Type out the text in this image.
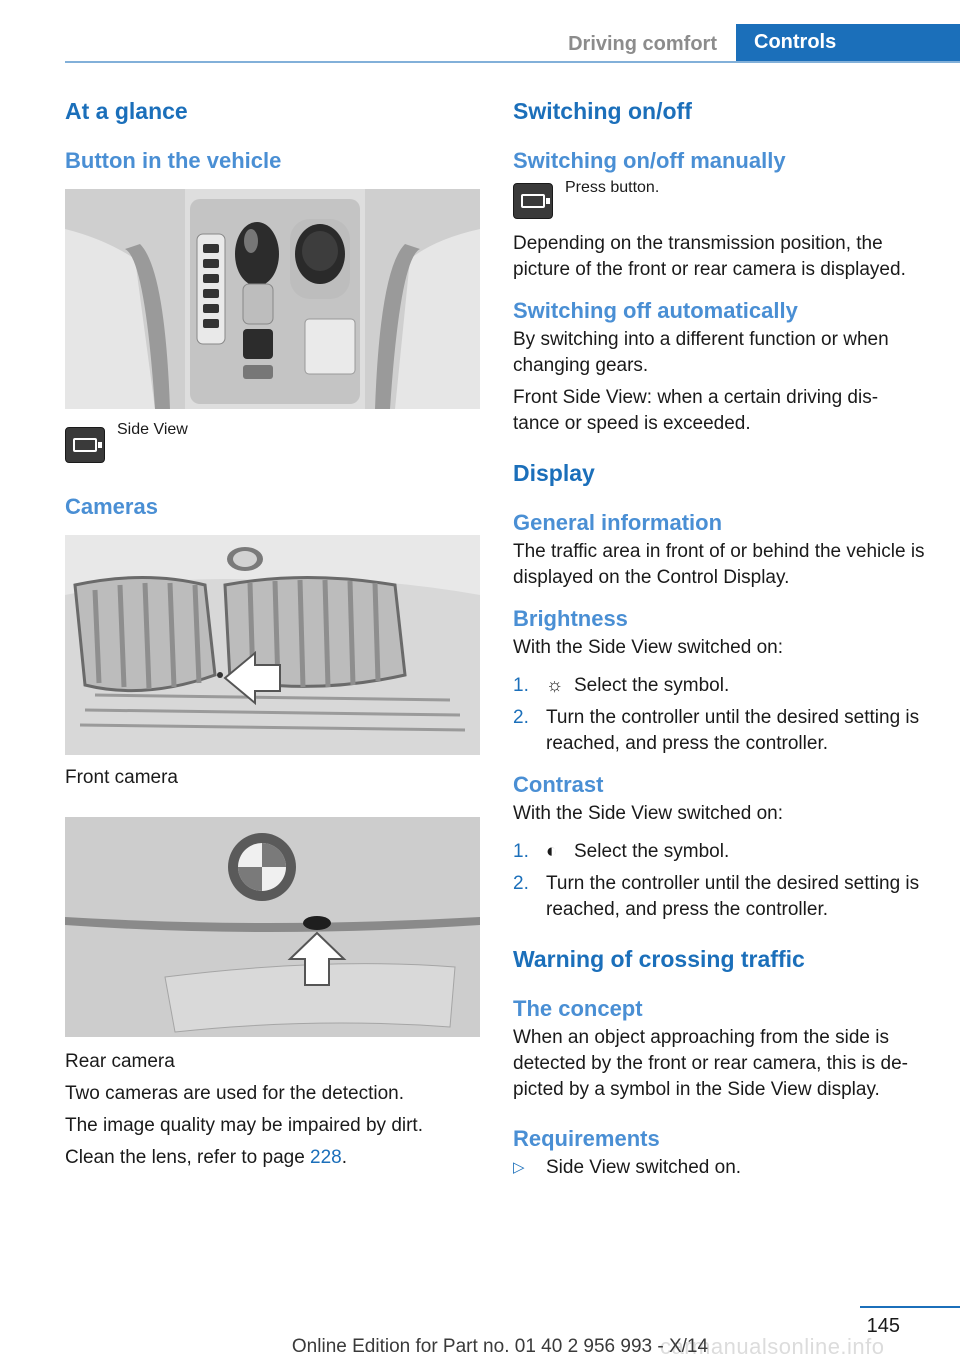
Driving comfort	Controls
At a glance
Button in the vehicle
Side View
Cameras

Front camera

Rear camera

Two cameras are used for the detection.

The image quality may be impaired by dirt.

Clean the lens, refer to page 228.

Switching on/off
Switching on/off manually
Press button.

Depending on the transmission position, the picture of the front or rear camera is displayed.

Switching off automatically

By switching into a different function or when changing gears.

Front Side View: when a certain driving dis‐
tance or speed is exceeded.

Display
General information

The traffic area in front of or behind the vehicle is displayed on the Control Display.

Brightness

With the Side View switched on:

1. ☼ Select the symbol.
2. Turn the controller until the desired setting is reached, and press the controller.
Contrast

With the Side View switched on:

1. ◐ Select the symbol.
2. Turn the controller until the desired setting is reached, and press the controller.
Warning of crossing traffic
The concept

When an object approaching from the side is
detected by the front or rear camera, this is de‐
picted by a symbol in the Side View display.

Requirements
▷	Side View switched on.
145
carmanualsonline.info
Online Edition for Part no. 01 40 2 956 993 - X/14
